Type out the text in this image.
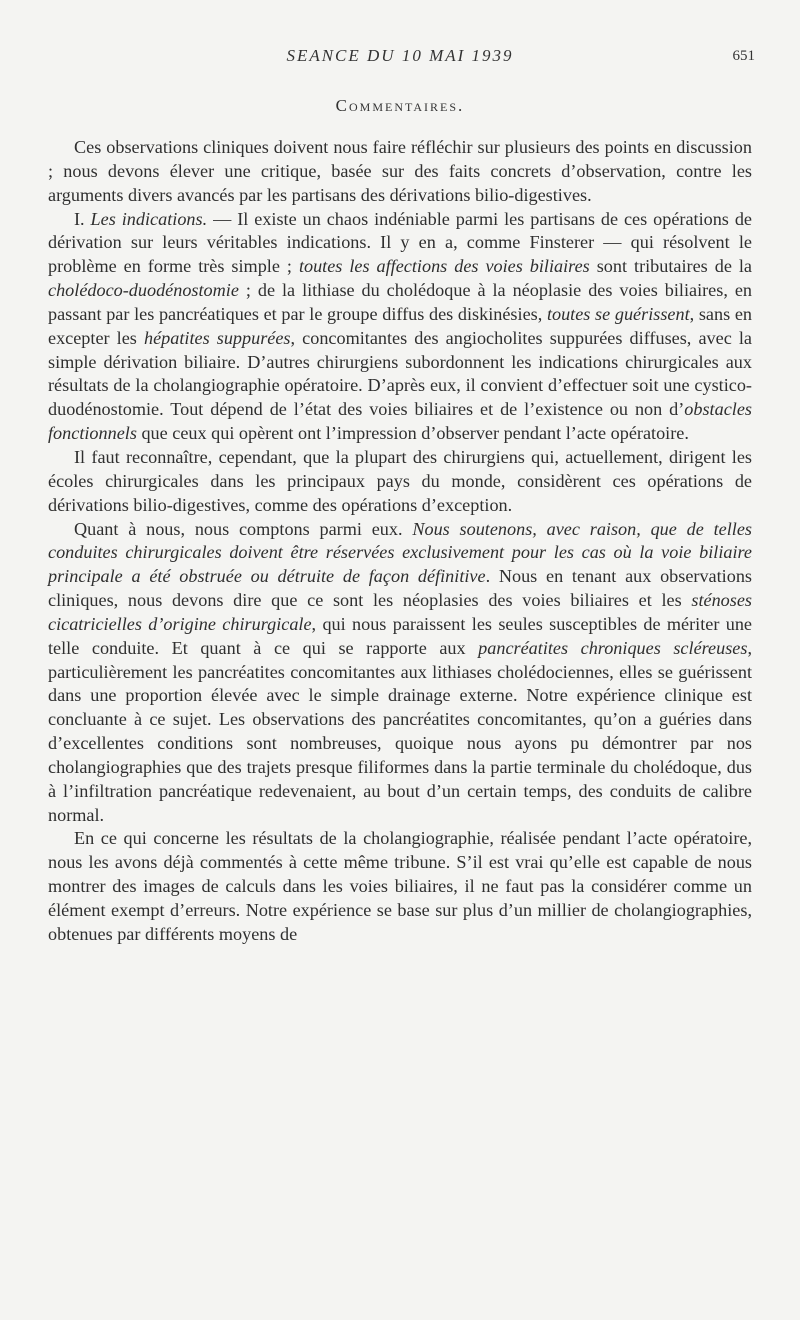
SEANCE DU 10 MAI 1939	651
Commentaires.

Ces observations cliniques doivent nous faire réfléchir sur plusieurs des points en discussion ; nous devons élever une critique, basée sur des faits concrets d’observation, contre les arguments divers avancés par les partisans des dérivations bilio-digestives.

I. Les indications. — Il existe un chaos indéniable parmi les partisans de ces opérations de dérivation sur leurs véritables indications. Il y en a, comme Finsterer — qui résolvent le problème en forme très simple ; toutes les affections des voies biliaires sont tributaires de la cholédoco-duodénostomie ; de la lithiase du cholédoque à la néoplasie des voies biliaires, en passant par les pancréatiques et par le groupe diffus des diskinésies, toutes se guérissent, sans en excepter les hépatites suppurées, concomitantes des angiocholites suppurées diffuses, avec la simple dérivation biliaire. D’autres chirurgiens subordonnent les indications chirurgicales aux résultats de la cholangiographie opératoire. D’après eux, il convient d’effectuer soit une cystico-duodénostomie. Tout dépend de l’état des voies biliaires et de l’existence ou non d’obstacles fonctionnels que ceux qui opèrent ont l’impression d’observer pendant l’acte opératoire.

Il faut reconnaître, cependant, que la plupart des chirurgiens qui, actuellement, dirigent les écoles chirurgicales dans les principaux pays du monde, considèrent ces opérations de dérivations bilio-digestives, comme des opérations d’exception.

Quant à nous, nous comptons parmi eux. Nous soutenons, avec raison, que de telles conduites chirurgicales doivent être réservées exclusivement pour les cas où la voie biliaire principale a été obstruée ou détruite de façon définitive. Nous en tenant aux observations cliniques, nous devons dire que ce sont les néoplasies des voies biliaires et les sténoses cicatricielles d’origine chirurgicale, qui nous paraissent les seules susceptibles de mériter une telle conduite. Et quant à ce qui se rapporte aux pancréatites chroniques scléreuses, particulièrement les pancréatites concomitantes aux lithiases cholédociennes, elles se guérissent dans une proportion élevée avec le simple drainage externe. Notre expérience clinique est concluante à ce sujet. Les observations des pancréatites concomitantes, qu’on a guéries dans d’excellentes conditions sont nombreuses, quoique nous ayons pu démontrer par nos cholangiographies que des trajets presque filiformes dans la partie terminale du cholédoque, dus à l’infiltration pancréatique redevenaient, au bout d’un certain temps, des conduits de calibre normal.

En ce qui concerne les résultats de la cholangiographie, réalisée pendant l’acte opératoire, nous les avons déjà commentés à cette même tribune. S’il est vrai qu’elle est capable de nous montrer des images de calculs dans les voies biliaires, il ne faut pas la considérer comme un élément exempt d’erreurs. Notre expérience se base sur plus d’un millier de cholangiographies, obtenues par différents moyens de
